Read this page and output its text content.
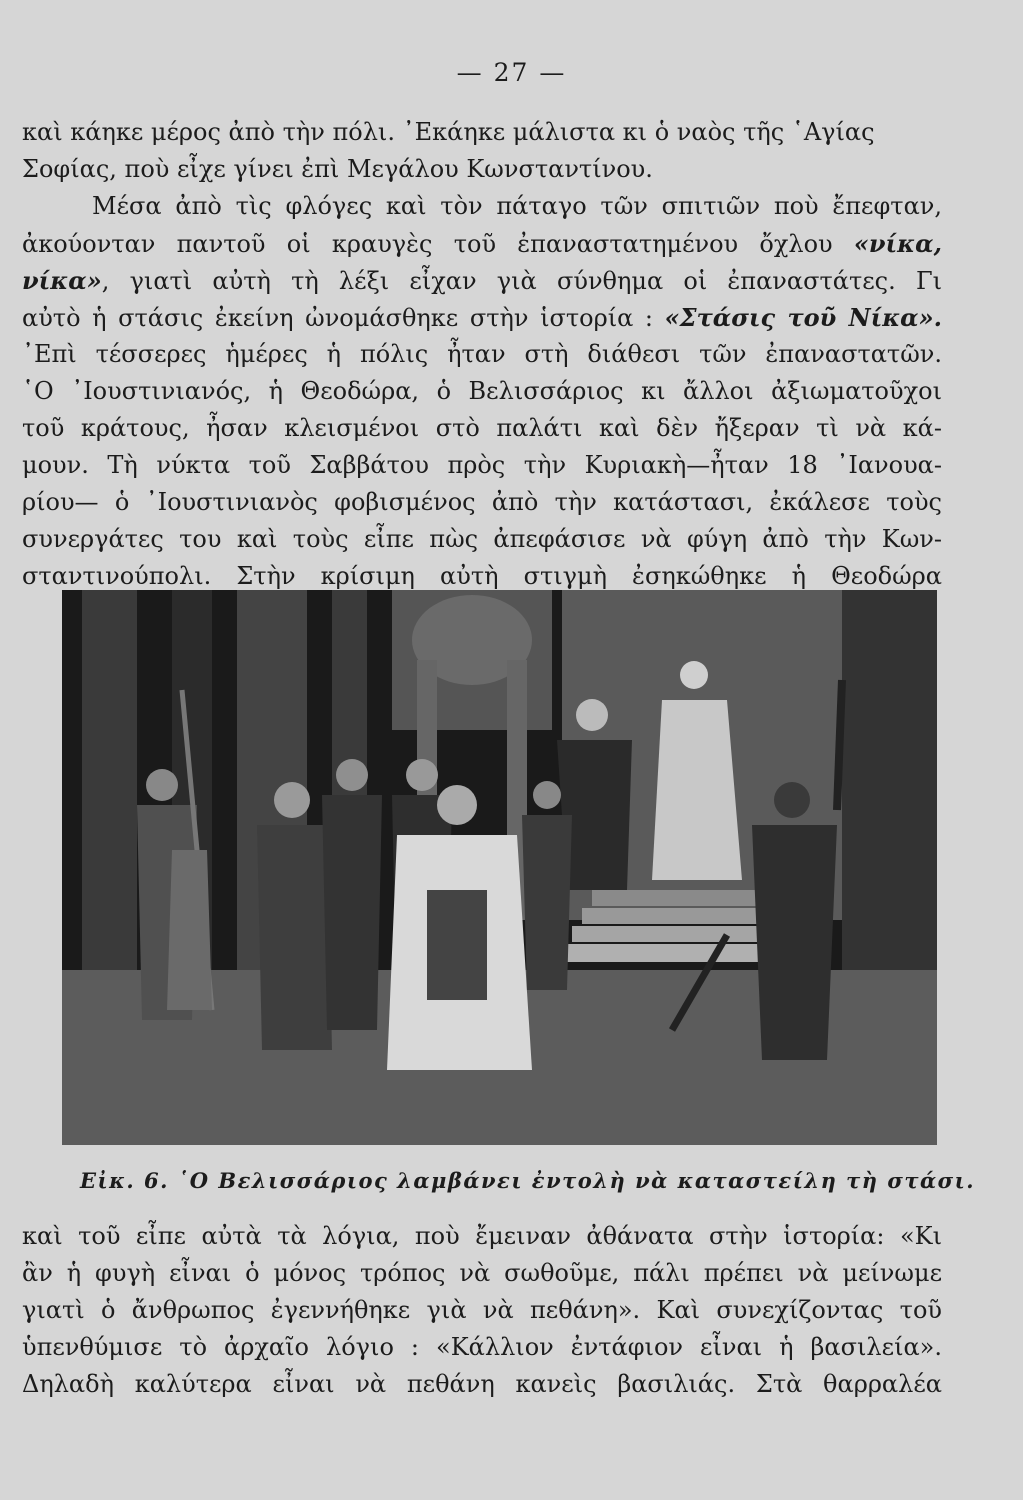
— 27 —
καὶ κάηκε μέρος ἀπὸ τὴν πόλι. ᾿Εκάηκε μάλιστα κι ὁ ναὸς τῆς ῾Αγίας
Σοφίας, ποὺ εἶχε γίνει ἐπὶ Μεγάλου Κωνσταντίνου.
Μέσα ἀπὸ τὶς φλόγες καὶ τὸν πάταγο τῶν σπιτιῶν ποὺ ἔπεφταν,
ἀκούονταν παντοῦ οἱ κραυγὲς τοῦ ἐπαναστατημένου ὄχλου «νίκα,
νίκα», γιατὶ αὐτὴ τὴ λέξι εἶχαν γιὰ σύνθημα οἱ ἐπαναστάτες. Γι
αὐτὸ ἡ στάσις ἐκείνη ὠνομάσθηκε στὴν ἱστορία : «Στάσις τοῦ Νίκα».
᾿Επὶ τέσσερες ἡμέρες ἡ πόλις ἦταν στὴ διάθεσι τῶν ἐπαναστατῶν.
῾Ο ᾿Ιουστινιανός, ἡ Θεοδώρα, ὁ Βελισσάριος κι ἄλλοι ἀξιωματοῦχοι
τοῦ κράτους, ἦσαν κλεισμένοι στὸ παλάτι καὶ δὲν ἤξεραν τὶ νὰ κά-
μουν. Τὴ νύκτα τοῦ Σαββάτου πρὸς τὴν Κυριακὴ—ἦταν 18 ᾿Ιανουα-
ρίου— ὁ ᾿Ιουστινιανὸς φοβισμένος ἀπὸ τὴν κατάστασι, ἐκάλεσε τοὺς
συνεργάτες του καὶ τοὺς εἶπε πὼς ἀπεφάσισε νὰ φύγη ἀπὸ τὴν Κων-
σταντινούπολι. Στὴν κρίσιμη αὐτὴ στιγμὴ ἐσηκώθηκε ἡ Θεοδώρα
Εἰκ. 6. ῾Ο Βελισσάριος λαμβάνει ἐντολὴ νὰ καταστείλη τὴ στάσι.
καὶ τοῦ εἶπε αὐτὰ τὰ λόγια, ποὺ ἔμειναν ἀθάνατα στὴν ἱστορία: «Κι
ἂν ἡ φυγὴ εἶναι ὁ μόνος τρόπος νὰ σωθοῦμε, πάλι πρέπει νὰ μείνωμε
γιατὶ ὁ ἄνθρωπος ἐγεννήθηκε γιὰ νὰ πεθάνη». Καὶ συνεχίζοντας τοῦ
ὑπενθύμισε τὸ ἀρχαῖο λόγιο : «Κάλλιον ἐντάφιον εἶναι ἡ βασιλεία».
Δηλαδὴ καλύτερα εἶναι νὰ πεθάνη κανεὶς βασιλιάς. Στὰ θαρραλέα
